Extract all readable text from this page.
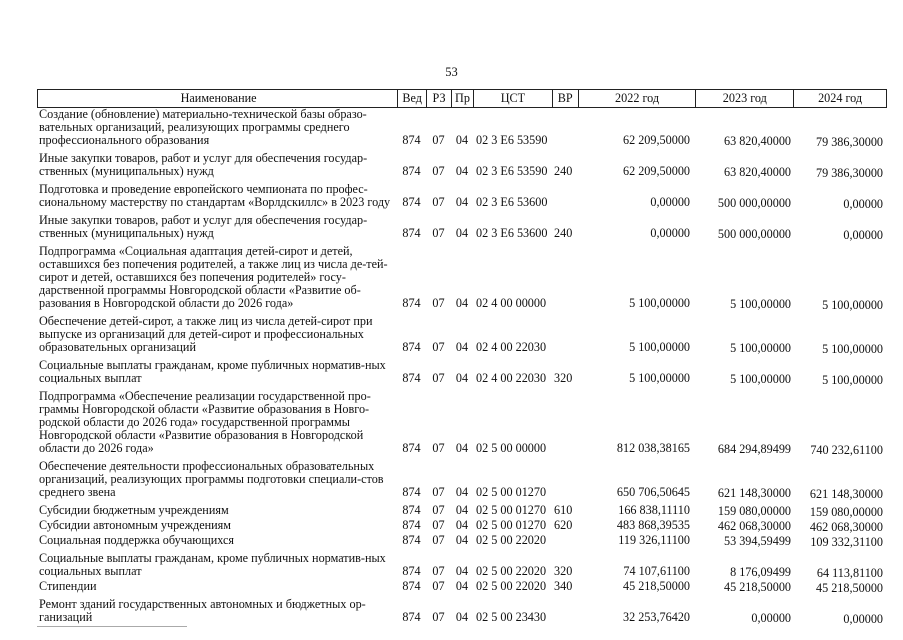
53
Наименование	Вед РЗ Пр	ЦСТ	ВР	2022 год	2023 год	2024 год
Создание (обновление) материально-технической базы образо-вательных организаций, реализующих программы среднего профессионального образования	874 07 04 02 3 Е6 53590	62 209,50000	63 820,40000	79 386,30000
Иные закупки товаров, работ и услуг для обеспечения государ-ственных (муниципальных) нужд	874 07 04 02 3 Е6 53590 240	62 209,50000	63 820,40000	79 386,30000
Подготовка и проведение европейского чемпионата по профес-сиональному мастерству по стандартам «Ворлдскиллс» в 2023 году	874 07 04 02 3 Е6 53600	0,00000	500 000,00000	0,00000
Иные закупки товаров, работ и услуг для обеспечения государ-ственных (муниципальных) нужд	874 07 04 02 3 Е6 53600 240	0,00000	500 000,00000	0,00000
Подпрограмма «Социальная адаптация детей-сирот и детей, оставшихся без попечения родителей, а также лиц из числа де-тей-сирот и детей, оставшихся без попечения родителей» госу-дарственной программы Новгородской области «Развитие об-разования в Новгородской области до 2026 года»	874 07 04 02 4 00 00000	5 100,00000	5 100,00000	5 100,00000
Обеспечение детей-сирот, а также лиц из числа детей-сирот при выпуске из организаций для детей-сирот и профессиональных образовательных организаций	874 07 04 02 4 00 22030	5 100,00000	5 100,00000	5 100,00000
Социальные выплаты гражданам, кроме публичных норматив-ных социальных выплат	874 07 04 02 4 00 22030 320	5 100,00000	5 100,00000	5 100,00000
Подпрограмма «Обеспечение реализации государственной про-граммы Новгородской области «Развитие образования в Новго-родской области до 2026 года» государственной программы Новгородской области «Развитие образования в Новгородской области до 2026 года»	874 07 04 02 5 00 00000	812 038,38165	684 294,89499	740 232,61100
Обеспечение деятельности профессиональных образовательных организаций, реализующих программы подготовки специали-стов среднего звена	874 07 04 02 5 00 01270	650 706,50645	621 148,30000	621 148,30000
Субсидии бюджетным учреждениям	874 07 04 02 5 00 01270 610	166 838,11110	159 080,00000	159 080,00000
Субсидии автономным учреждениям	874 07 04 02 5 00 01270 620	483 868,39535	462 068,30000	462 068,30000
Социальная поддержка обучающихся	874 07 04 02 5 00 22020	119 326,11100	53 394,59499	109 332,31100
Социальные выплаты гражданам, кроме публичных норматив-ных социальных выплат	874 07 04 02 5 00 22020 320	74 107,61100	8 176,09499	64 113,81100
Стипендии	874 07 04 02 5 00 22020 340	45 218,50000	45 218,50000	45 218,50000
Ремонт зданий государственных автономных и бюджетных ор-ганизаций	874 07 04 02 5 00 23430	32 253,76420	0,00000	0,00000
